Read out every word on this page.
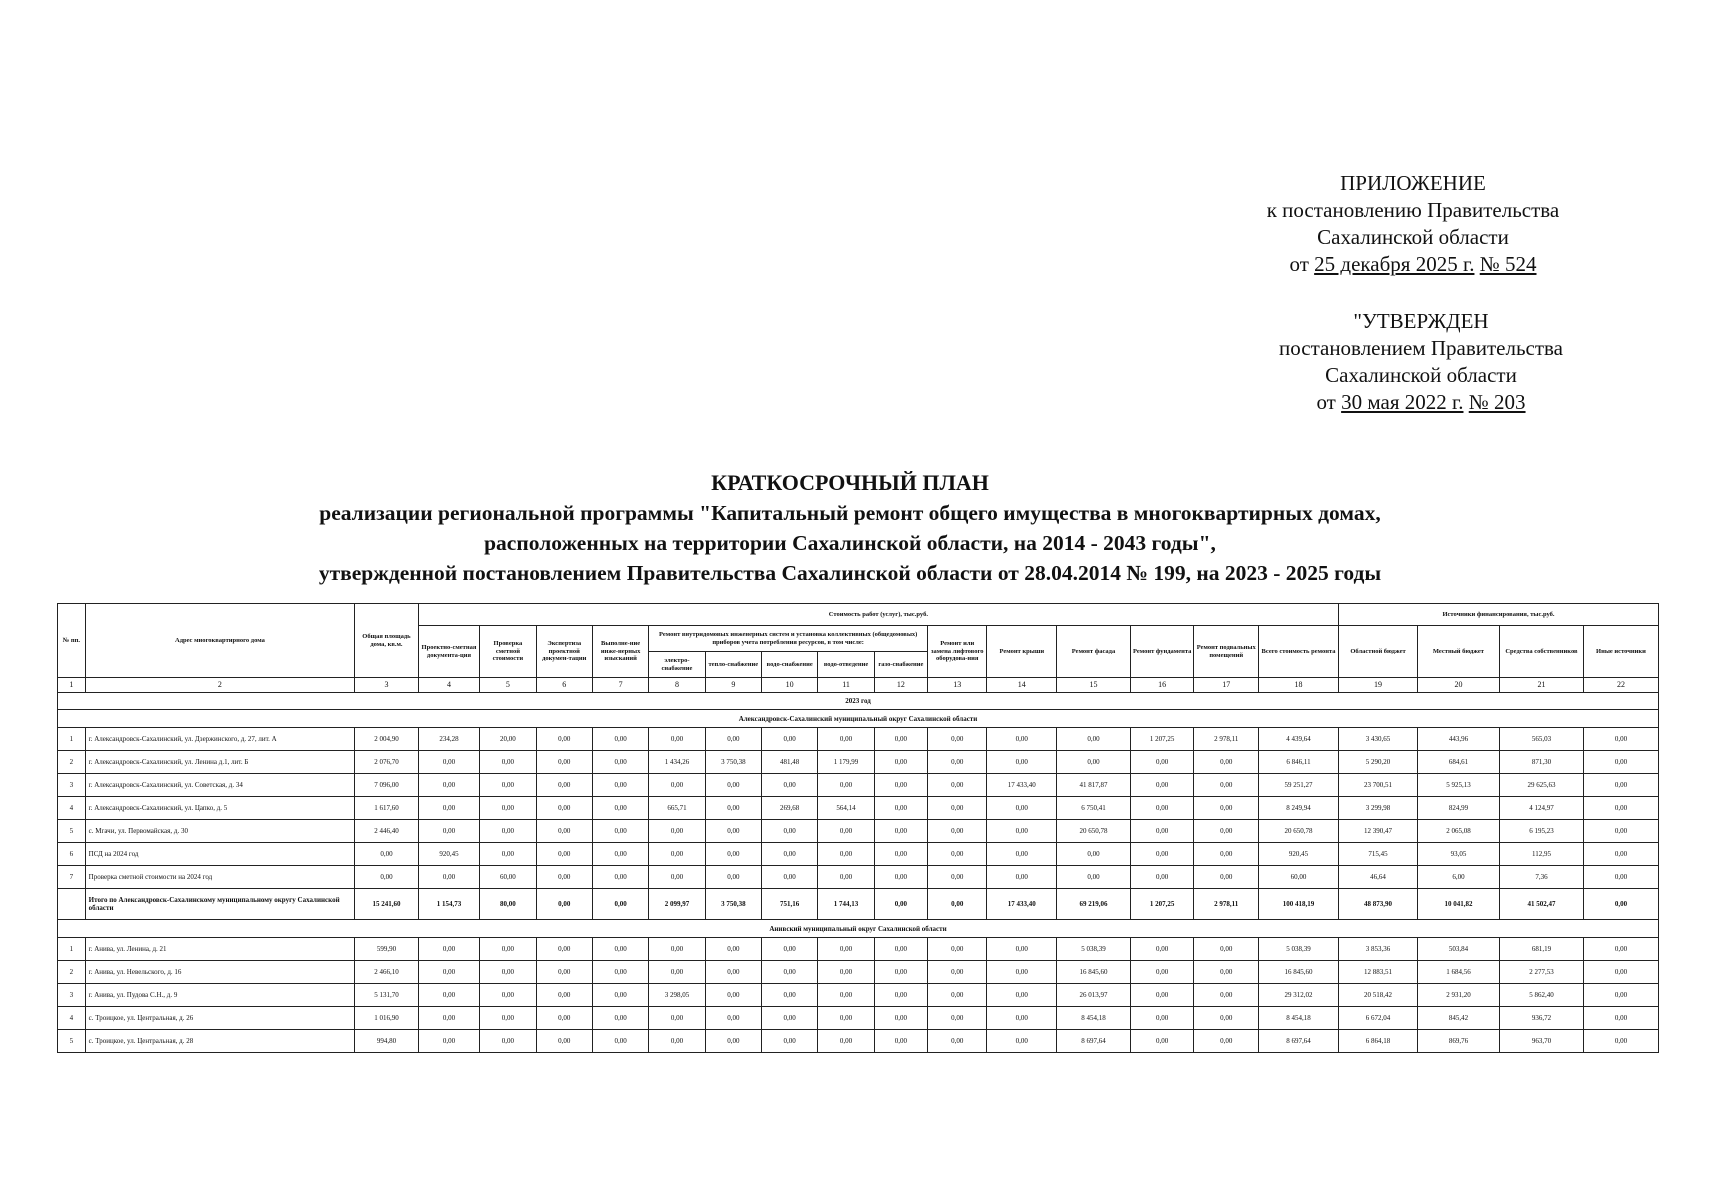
ПРИЛОЖЕНИЕ
к постановлению Правительства
Сахалинской области
от 25 декабря 2025 г. № 524
"УТВЕРЖДЕН
постановлением Правительства
Сахалинской области
от 30 мая 2022 г. № 203
КРАТКОСРОЧНЫЙ ПЛАН
реализации региональной программы "Капитальный ремонт общего имущества в многоквартирных домах,
расположенных на территории Сахалинской области, на 2014 - 2043 годы",
утвержденной постановлением Правительства Сахалинской области от 28.04.2014 № 199, на 2023 - 2025 годы
№ пп.	Адрес многоквартирного дома	Общая площадь дома, кв.м.	Стоимость работ (услуг), тыс.руб.															Источники финансирования, тыс.руб.			
			Проектно-сметная документа-ция	Проверка сметной стоимости	Экспертиза проектной докумен-тации	Выполне-ние инже-нерных изысканий	Ремонт внутридомовых инженерных систем и установка коллективных (общедомовых) приборов учета потребления ресурсов, в том числе:					Ремонт или замена лифтового оборудова-ния	Ремонт крыши	Ремонт фасада	Ремонт фундамента	Ремонт подвальных помещений	Всего стоимость ремонта	Областной бюджет	Местный бюджет	Средства собственников	Иные источники
							электро-снабжение	тепло-снабжение	водо-снабжение	водо-отведение	газо-снабжение										
1	2	3	4	5	6	7	8	9	10	11	12	13	14	15	16	17	18	19	20	21	22
2023 год																					
Александровск-Сахалинский муниципальный округ Сахалинской области																					
1	г. Александровск-Сахалинский, ул. Дзержинского, д. 27, лит. А	2 004,90	234,28	20,00	0,00	0,00	0,00	0,00	0,00	0,00	0,00	0,00	0,00	0,00	1 207,25	2 978,11	4 439,64	3 430,65	443,96	565,03	0,00
2	г. Александровск-Сахалинский, ул. Ленина д.1, лит. Б	2 076,70	0,00	0,00	0,00	0,00	1 434,26	3 750,38	481,48	1 179,99	0,00	0,00	0,00	0,00	0,00	0,00	6 846,11	5 290,20	684,61	871,30	0,00
3	г. Александровск-Сахалинский, ул. Советская, д. 34	7 096,00	0,00	0,00	0,00	0,00	0,00	0,00	0,00	0,00	0,00	0,00	17 433,40	41 817,87	0,00	0,00	59 251,27	23 700,51	5 925,13	29 625,63	0,00
4	г. Александровск-Сахалинский, ул. Цапко, д. 5	1 617,60	0,00	0,00	0,00	0,00	665,71	0,00	269,68	564,14	0,00	0,00	0,00	6 750,41	0,00	0,00	8 249,94	3 299,98	824,99	4 124,97	0,00
5	с. Мгачи, ул. Первомайская, д. 30	2 446,40	0,00	0,00	0,00	0,00	0,00	0,00	0,00	0,00	0,00	0,00	0,00	20 650,78	0,00	0,00	20 650,78	12 390,47	2 065,08	6 195,23	0,00
6	ПСД на 2024 год	0,00	920,45	0,00	0,00	0,00	0,00	0,00	0,00	0,00	0,00	0,00	0,00	0,00	0,00	0,00	920,45	715,45	93,05	112,95	0,00
7	Проверка сметной стоимости на 2024 год	0,00	0,00	60,00	0,00	0,00	0,00	0,00	0,00	0,00	0,00	0,00	0,00	0,00	0,00	0,00	60,00	46,64	6,00	7,36	0,00
	Итого по Александровск-Сахалинскому муниципальному округу Сахалинской области	15 241,60	1 154,73	80,00	0,00	0,00	2 099,97	3 750,38	751,16	1 744,13	0,00	0,00	17 433,40	69 219,06	1 207,25	2 978,11	100 418,19	48 873,90	10 041,82	41 502,47	0,00
Анивский муниципальный округ Сахалинской области																					
1	г. Анива, ул. Ленина, д. 21	599,90	0,00	0,00	0,00	0,00	0,00	0,00	0,00	0,00	0,00	0,00	0,00	5 038,39	0,00	0,00	5 038,39	3 853,36	503,84	681,19	0,00
2	г. Анива, ул. Невельского, д. 16	2 466,10	0,00	0,00	0,00	0,00	0,00	0,00	0,00	0,00	0,00	0,00	0,00	16 845,60	0,00	0,00	16 845,60	12 883,51	1 684,56	2 277,53	0,00
3	г. Анива, ул. Пудова С.Н., д. 9	5 131,70	0,00	0,00	0,00	0,00	3 298,05	0,00	0,00	0,00	0,00	0,00	0,00	26 013,97	0,00	0,00	29 312,02	20 518,42	2 931,20	5 862,40	0,00
4	с. Троицкое, ул. Центральная, д. 26	1 016,90	0,00	0,00	0,00	0,00	0,00	0,00	0,00	0,00	0,00	0,00	0,00	8 454,18	0,00	0,00	8 454,18	6 672,04	845,42	936,72	0,00
5	с. Троицкое, ул. Центральная, д. 28	994,80	0,00	0,00	0,00	0,00	0,00	0,00	0,00	0,00	0,00	0,00	0,00	8 697,64	0,00	0,00	8 697,64	6 864,18	869,76	963,70	0,00
